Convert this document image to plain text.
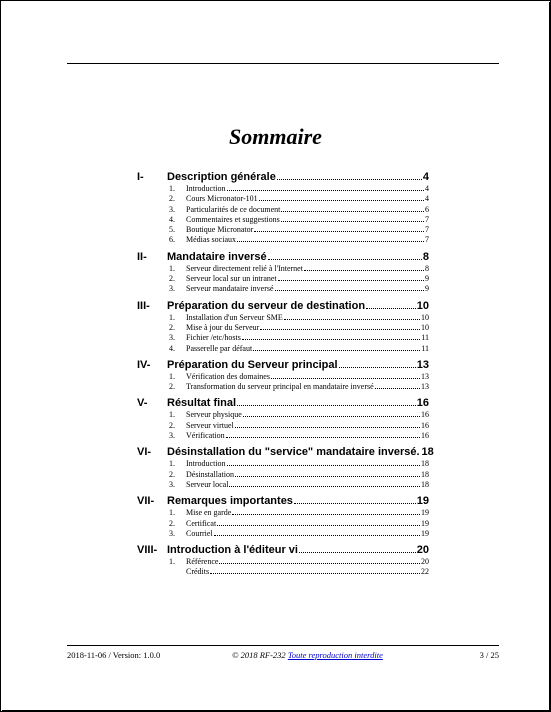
Sommaire
I-	Description générale	4
1.	Introduction	4
2.	Cours Micronator-101	4
3.	Particularités de ce document	6
4.	Commentaires et suggestions	7
5.	Boutique Micronator	7
6.	Médias sociaux	7
II-	Mandataire inversé	8
1.	Serveur directement relié à l'Internet	8
2.	Serveur local sur un intranet	9
3.	Serveur mandataire inversé	9
III-	Préparation du serveur de destination	10
1.	Installation d'un Serveur SME	10
2.	Mise à jour du Serveur	10
3.	Fichier /etc/hosts	11
4.	Passerelle par défaut	11
IV-	Préparation du Serveur principal	13
1.	Vérification des domaines	13
2.	Transformation du serveur principal en mandataire inversé	13
V-	Résultat final	16
1.	Serveur physique	16
2.	Serveur virtuel	16
3.	Vérification	16
VI-	Désinstallation du "service" mandataire inversé. 18
1.	Introduction	18
2.	Désinstallation	18
3.	Serveur local	18
VII-	Remarques importantes	19
1.	Mise en garde	19
2.	Certificat	19
3.	Courriel	19
VIII- Introduction à l'éditeur vi	20
1.	Référence	20
Crédits	22
2018-11-06 / Version: 1.0.0	© 2018 RF-232 Toute reproduction interdite	3 / 25
